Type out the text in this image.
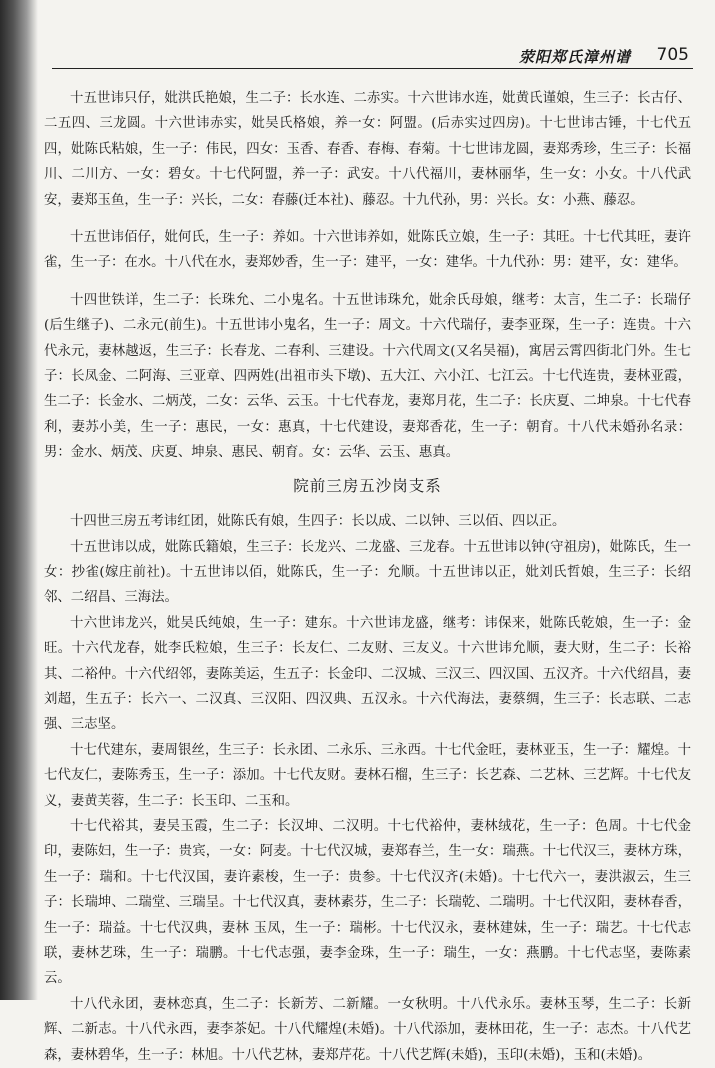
荥阳郑氏漳州谱 705

十五世讳只仔，妣洪氏艳娘，生二子：长水连、二赤实。十六世讳水连，妣黄氏谨娘，生三子：长古仔、二五四、三龙圆。十六世讳赤实，妣吴氏格娘，养一女：阿盟。(后赤实过四房)。十七世讳古锤，十七代五四，妣陈氏粘娘，生一子：伟民，四女：玉香、春香、春梅、春菊。十七世讳龙圆，妻郑秀珍，生三子：长福川、二川方、一女：碧女。十七代阿盟，养一子：武安。十八代福川，妻林丽华，生一女：小女。十八代武安，妻郑玉鱼，生一子：兴长，二女：春藤(迁本社)、藤忍。十九代孙，男：兴长。女：小燕、藤忍。

十五世讳佰仔，妣何氏，生一子：养如。十六世讳养如，妣陈氏立娘，生一子：其旺。十七代其旺，妻许雀，生一子：在水。十八代在水，妻郑妙香，生一子：建平，一女：建华。十九代孙：男：建平，女：建华。

十四世铁详，生二子：长珠允、二小鬼名。十五世讳珠允，妣余氏母娘，继考：太言，生二子：长瑞仔(后生继子)、二永元(前生)。十五世讳小鬼名，生一子：周文。十六代瑞仔，妻李亚琛，生一子：连贵。十六代永元，妻林越返，生三子：长春龙、二春利、三建设。十六代周文(又名吴福)，寓居云霄四街北门外。生七子：长凤金、二阿海、三亚章、四两姓(出祖市头下墩)、五大江、六小江、七江云。十七代连贵，妻林亚霞，生二子：长金水、二炳茂，二女：云华、云玉。十七代春龙，妻郑月花，生二子：长庆夏、二坤泉。十七代春利，妻苏小美，生一子：惠民，一女：惠真，十七代建设，妻郑香花，生一子：朝育。十八代未婚孙名录：男：金水、炳茂、庆夏、坤泉、惠民、朝育。女：云华、云玉、惠真。

院前三房五沙岗支系

十四世三房五考讳红团，妣陈氏有娘，生四子：长以成、二以钟、三以佰、四以正。

十五世讳以成，妣陈氏籍娘，生三子：长龙兴、二龙盛、三龙春。十五世讳以钟(守祖房)，妣陈氏，生一女：抄雀(嫁庄前社)。十五世讳以佰，妣陈氏，生一子：允顺。十五世讳以正，妣刘氏哲娘，生三子：长绍邻、二绍昌、三海法。

十六世讳龙兴，妣吴氏纯娘，生一子：建东。十六世讳龙盛，继考：讳保来，妣陈氏乾娘，生一子：金旺。十六代龙春，妣李氏粒娘，生三子：长友仁、二友财、三友义。十六世讳允顺，妻大财，生二子：长裕其、二裕仲。十六代绍邻，妻陈美运，生五子：长金印、二汉城、三汉三、四汉国、五汉齐。十六代绍昌，妻刘超，生五子：长六一、二汉真、三汉阳、四汉典、五汉永。十六代海法，妻蔡绸，生三子：长志联、二志强、三志坚。

十七代建东，妻周银丝，生三子：长永团、二永乐、三永西。十七代金旺，妻林亚玉，生一子：耀煌。十七代友仁，妻陈秀玉，生一子：添加。十七代友财。妻林石榴，生三子：长艺森、二艺林、三艺辉。十七代友义，妻黄芙蓉，生二子：长玉印、二玉和。

十七代裕其，妻吴玉霞，生二子：长汉坤、二汉明。十七代裕仲，妻林绒花，生一子：色周。十七代金印，妻陈妇，生一子：贵宾，一女：阿麦。十七代汉城，妻郑春兰，生一女：瑞燕。十七代汉三，妻林方珠，生一子：瑞和。十七代汉国，妻许素梭，生一子：贵参。十七代汉齐(未婚)。十七代六一，妻洪淑云，生三子：长瑞坤、二瑞堂、三瑞呈。十七代汉真，妻林素芬，生二子：长瑞乾、二瑞明。十七代汉阳，妻林春香，生一子：瑞益。十七代汉典，妻林 玉凤，生一子：瑞彬。十七代汉永，妻林建妹，生一子：瑞艺。十七代志联，妻林艺珠，生一子：瑞鹏。十七代志强，妻李金珠，生一子：瑞生，一女：燕鹏。十七代志坚，妻陈素云。

十八代永团，妻林恋真，生二子：长新芳、二新耀。一女秋明。十八代永乐。妻林玉琴，生二子：长新辉、二新志。十八代永西，妻李茶妃。十八代耀煌(未婚)。十八代添加，妻林田花，生一子：志杰。十八代艺森，妻林碧华，生一子：林旭。十八代艺林，妻郑芹花。十八代艺辉(未婚)，玉印(未婚)，玉和(未婚)。
